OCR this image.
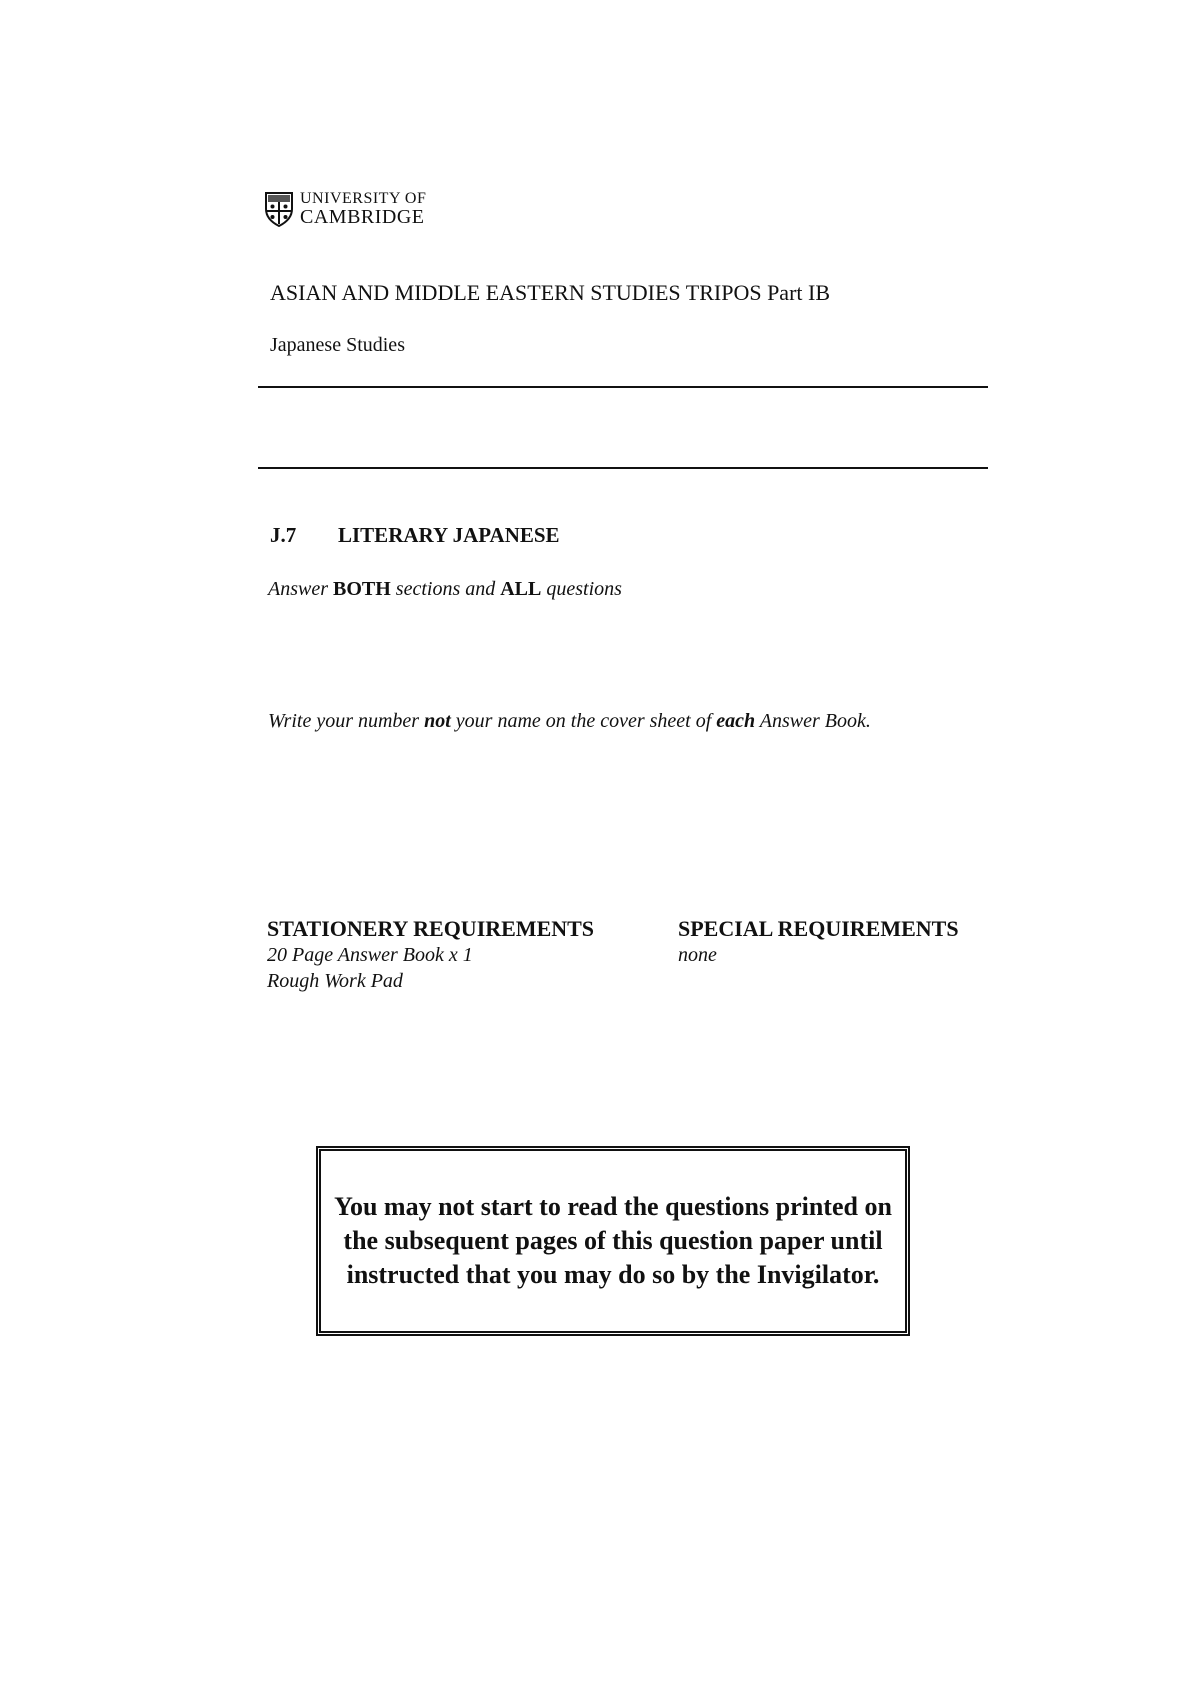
UNIVERSITY OF
CAMBRIDGE
ASIAN AND MIDDLE EASTERN STUDIES TRIPOS Part IB
Japanese Studies
J.7 LITERARY JAPANESE
Answer BOTH sections and ALL questions
Write your number not your name on the cover sheet of each Answer Book.
STATIONERY REQUIREMENTS
20 Page Answer Book x 1
Rough Work Pad
SPECIAL REQUIREMENTS
none
You may not start to read the questions printed on the subsequent pages of this question paper until instructed that you may do so by the Invigilator.
